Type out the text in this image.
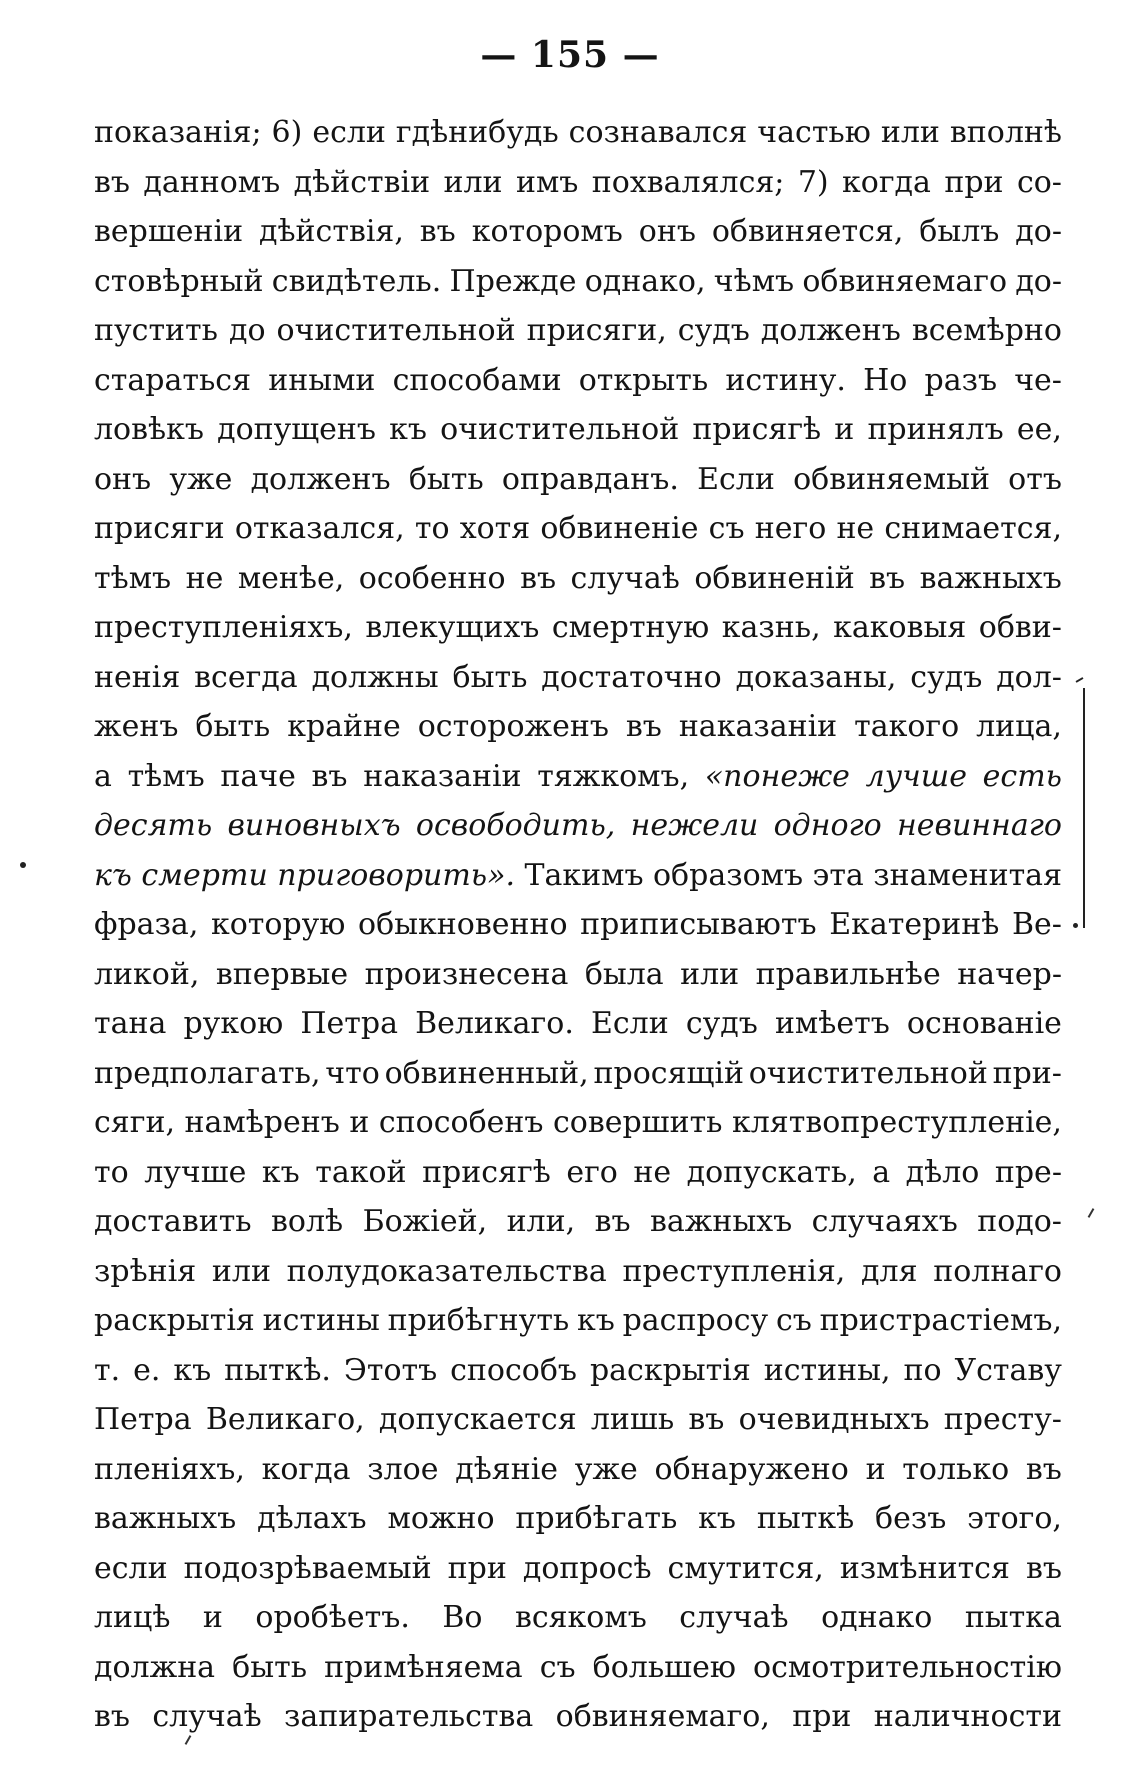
— 155 —
показанія; 6) если гдѣнибудь сознавался частью или вполнѣ
въ данномъ дѣйствіи или имъ похвалялся; 7) когда при со-
вершеніи дѣйствія, въ которомъ онъ обвиняется, былъ до-
стовѣрный свидѣтель. Прежде однако, чѣмъ обвиняемаго до-
пустить до очистительной присяги, судъ долженъ всемѣрно
стараться иными способами открыть истину. Но разъ че-
ловѣкъ допущенъ къ очистительной присягѣ и принялъ ее,
онъ уже долженъ быть оправданъ. Если обвиняемый отъ
присяги отказался, то хотя обвиненіе съ него не снимается,
тѣмъ не менѣе, особенно въ случаѣ обвиненій въ важныхъ
преступленіяхъ, влекущихъ смертную казнь, каковыя обви-
ненія всегда должны быть достаточно доказаны, судъ дол-
женъ быть крайне остороженъ въ наказаніи такого лица,
а тѣмъ паче въ наказаніи тяжкомъ, «понеже лучше есть
десять виновныхъ освободить, нежели одного невиннаго
къ смерти приговорить». Такимъ образомъ эта знаменитая
фраза, которую обыкновенно приписываютъ Екатеринѣ Ве-
ликой, впервые произнесена была или правильнѣе начер-
тана рукою Петра Великаго. Если судъ имѣетъ основаніе
предполагать, что обвиненный, просящій очистительной при-
сяги, намѣренъ и способенъ совершить клятвопреступленіе,
то лучше къ такой присягѣ его не допускать, а дѣло пре-
доставить волѣ Божіей, или, въ важныхъ случаяхъ подо-
зрѣнія или полудоказательства преступленія, для полнаго
раскрытія истины прибѣгнуть къ распросу съ пристрастіемъ,
т. е. къ пыткѣ. Этотъ способъ раскрытія истины, по Уставу
Петра Великаго, допускается лишь въ очевидныхъ престу-
пленіяхъ, когда злое дѣяніе уже обнаружено и только въ
важныхъ дѣлахъ можно прибѣгать къ пыткѣ безъ этого,
если подозрѣваемый при допросѣ смутится, измѣнится въ
лицѣ и оробѣетъ. Во всякомъ случаѣ однако пытка
должна быть примѣняема съ большею осмотрительностію
въ случаѣ запирательства обвиняемаго, при наличности
